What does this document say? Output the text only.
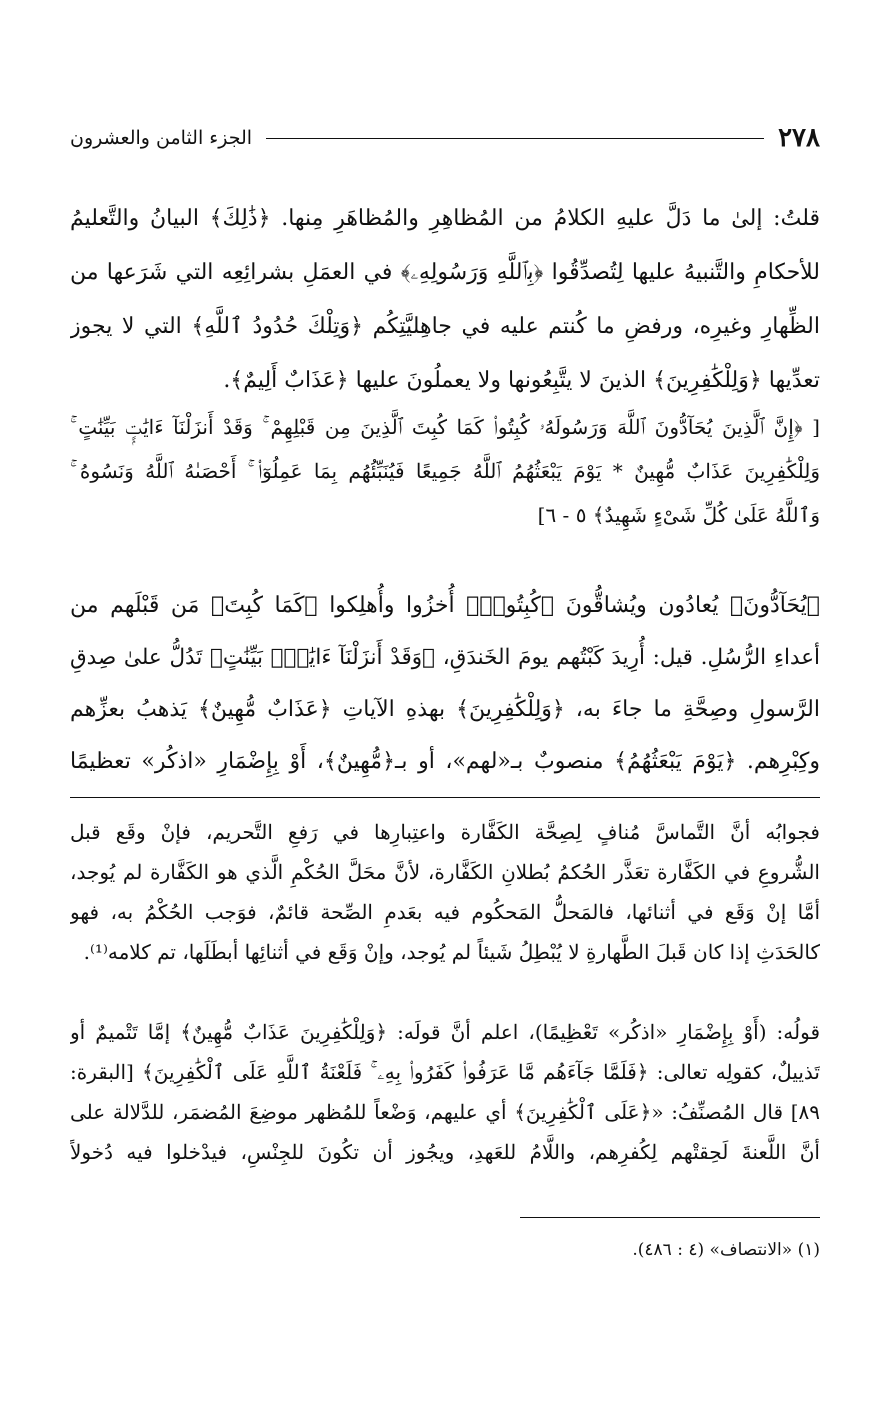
٢٧٨
الجزء الثامن والعشرون
قلتُ: إلىٰ ما دَلَّ عليهِ الكلامُ من المُظاهِرِ والمُظاهَرِ مِنها. ﴿ذَٰلِكَ﴾ البيانُ والتَّعليمُ
للأحكامِ والتَّنبيهُ عليها لِتُصدِّقُوا ﴿بِٱللَّهِ وَرَسُولِهِۦ﴾ في العمَلِ بشرائِعِه التي شَرَعها من
الظِّهارِ وغيرِه، ورفضِ ما كُنتم عليه في جاهِليَّتِكُم ﴿وَتِلْكَ حُدُودُ ٱللَّهِ﴾ التي لا يجوز
تعدِّيها ﴿وَلِلْكَٰفِرِينَ﴾ الذينَ لا يتَّبِعُونها ولا يعملُونَ عليها ﴿عَذَابٌ أَلِيمٌ﴾.
[ ﴿إِنَّ ٱلَّذِينَ يُحَآدُّونَ ٱللَّهَ وَرَسُولَهُۥ كُبِتُوا۟ كَمَا كُبِتَ ٱلَّذِينَ مِن قَبْلِهِمْ ۚ وَقَدْ أَنزَلْنَآ ءَايَٰتٍۭ بَيِّنَٰتٍ ۚ
وَلِلْكَٰفِرِينَ عَذَابٌ مُّهِينٌ * يَوْمَ يَبْعَثُهُمُ ٱللَّهُ جَمِيعًا فَيُنَبِّئُهُم بِمَا عَمِلُوٓا۟ ۚ أَحْصَىٰهُ ٱللَّهُ وَنَسُوهُ ۚ
وَٱللَّهُ عَلَىٰ كُلِّ شَىْءٍ شَهِيدٌ﴾ ٥ - ٦]
﴿يُحَآدُّونَ﴾ يُعادُون ويُشاقُّونَ ﴿كُبِتُوا۟﴾ أُخزُوا وأُهلِكوا ﴿كَمَا كُبِتَ﴾ مَن قَبْلَهم من
أعداءِ الرُّسُلِ. قيل: أُرِيدَ كَبْتُهم يومَ الخَندَقِ، ﴿وَقَدْ أَنزَلْنَآ ءَايَٰتٍۭ بَيِّنَٰتٍ﴾ تَدُلُّ علىٰ صِدقِ
الرَّسولِ وصِحَّةِ ما جاءَ به، ﴿وَلِلْكَٰفِرِينَ﴾ بهذهِ الآياتِ ﴿عَذَابٌ مُّهِينٌ﴾ يَذهبُ بعزِّهم
وكِبْرِهم. ﴿يَوْمَ يَبْعَثُهُمُ﴾ منصوبٌ بـ«لهم»، أو بـ﴿مُّهِينٌ﴾، أَوْ بِإِضْمَارِ «اذكُر» تعظيمًا
فجوابُه أنَّ التَّماسَّ مُنافٍ لِصِحَّة الكَفَّارة واعتِبارِها في رَفعِ التَّحريم، فإنْ وقَع قبل
الشُّروعِ في الكَفَّارة تعَذَّر الحُكمُ بُطلانِ الكَفَّارة، لأنَّ محَلَّ الحُكْمِ الَّذي هو الكَفَّارة لم يُوجد،
أمَّا إنْ وَقَع في أثنائها، فالمَحلُّ المَحكُوم فيه بعَدمِ الصِّحة قائمٌ، فوَجب الحُكْمُ به، فهو
كالحَدَثِ إذا كان قَبلَ الطَّهارةِ لا يُبْطِلُ شَيئاً لم يُوجد، وإنْ وَقَع في أثنائِها أبطَلَها، تم كلامه⁽¹⁾.
قولُه: (أَوْ بِإِضْمَارِ «اذكُر» تَعْظِيمًا)، اعلم أنَّ قولَه: ﴿وَلِلْكَٰفِرِينَ عَذَابٌ مُّهِينٌ﴾ إمَّا تَتْميمٌ أو
تَذييلٌ، كقولِه تعالى: ﴿فَلَمَّا جَآءَهُم مَّا عَرَفُوا۟ كَفَرُوا۟ بِهِۦ ۚ فَلَعْنَةُ ٱللَّهِ عَلَى ٱلْكَٰفِرِينَ﴾ [البقرة:
٨٩] قال المُصنِّفُ: «﴿عَلَى ٱلْكَٰفِرِينَ﴾ أي عليهم، وَضْعاً للمُظهر موضِعَ المُضمَر، للدَّلالة على
أنَّ اللَّعنةَ لَحِقتْهم لِكُفرِهم، واللَّامُ للعَهدِ، ويجُوز أن تكُونَ للجِنْسِ، فيدْخلوا فيه دُخولاً
(١) «الانتصاف» (٤ : ٤٨٦).
